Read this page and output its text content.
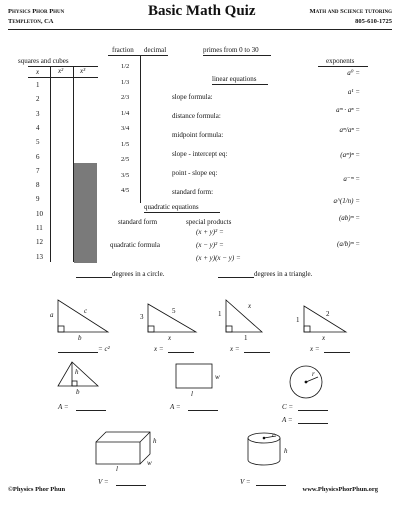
Physics Phor Phun
Templeton, CA
Basic Math Quiz	Math and Science tutoring
805-610-1725
squares and cubes
x	x² x³
1
2
3
4
5
6
7
8
9
10
11
12
13
fraction decimal
1/2
1/3
2/3
1/4
3/4
1/5
2/5
3/5
4/5
primes from 0 to 30
linear equations
slope formula:
distance formula:
midpoint formula:
slope - intercept eq:
point - slope eq:
standard form:
exponents
a⁰ =
a¹ =
aᵐ · aⁿ =
aᵐ/aⁿ =
(aᵐ)ⁿ =
a⁻ᵐ =
a^(1/n) =
(ab)ᵐ =
(a/b)ᵐ =
quadratic equations
standard form
quadratic formula
special products
(x + y)² =
(x − y)² =
(x + y)(x − y) =
degrees in a circle.	degrees in a triangle.
a	c
b
= c²
3
5
x
x =
1
x
1
x =
1
2
x
x =
h
b
A =
w
l
A =
r
C =
A =
h
w
l
V =
r
h
V =
©Physics Phor Phun	www.PhysicsPhorPhun.org
